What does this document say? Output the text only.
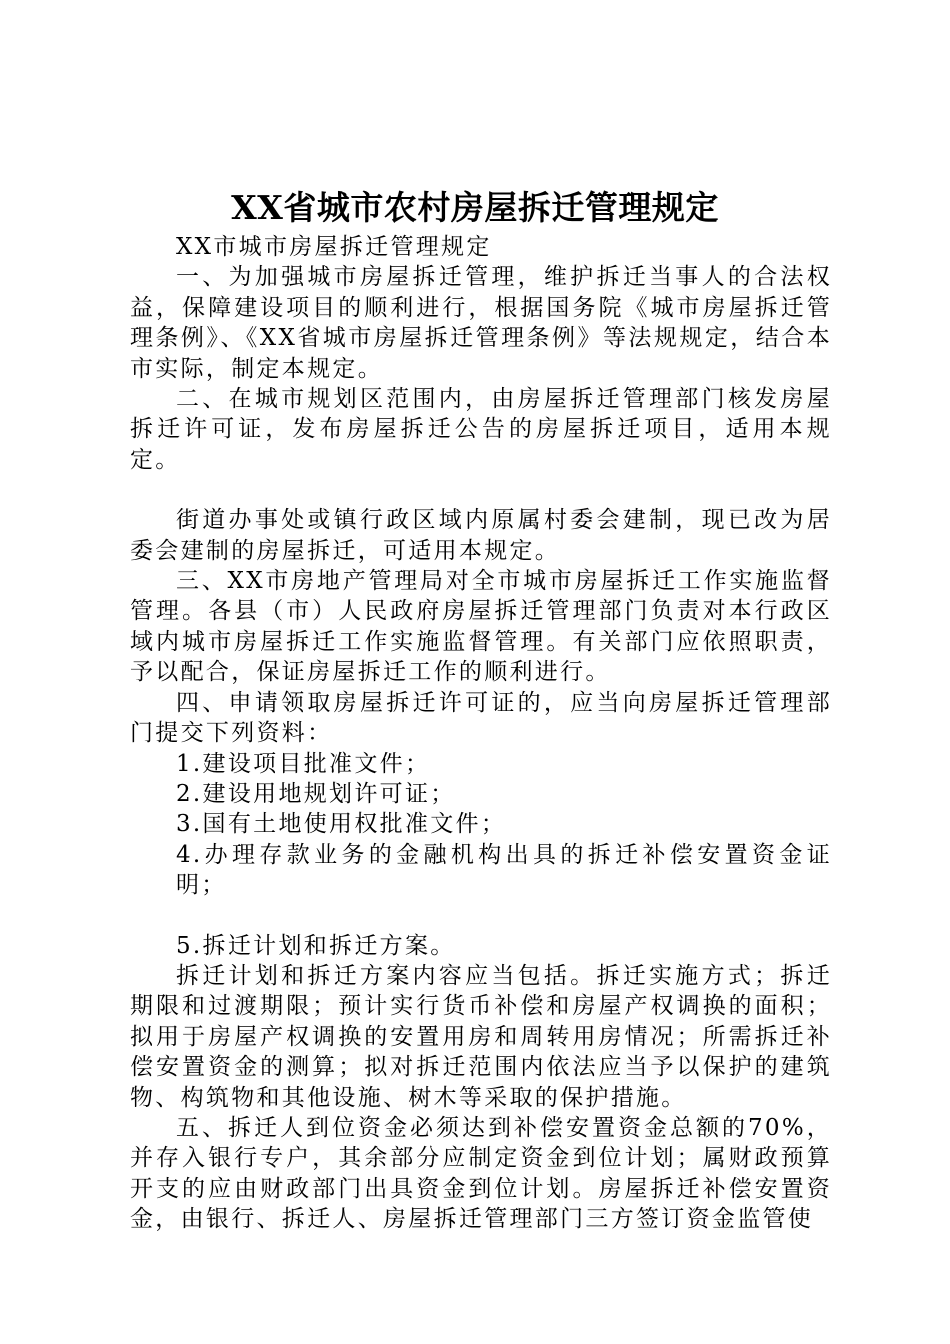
XX省城市农村房屋拆迁管理规定

XX市城市房屋拆迁管理规定

一、为加强城市房屋拆迁管理，维护拆迁当事人的合法权益，保障建设项目的顺利进行，根据国务院《城市房屋拆迁管理条例》、《XX省城市房屋拆迁管理条例》等法规规定，结合本市实际，制定本规定。

二、在城市规划区范围内，由房屋拆迁管理部门核发房屋拆迁许可证，发布房屋拆迁公告的房屋拆迁项目，适用本规定。

街道办事处或镇行政区域内原属村委会建制，现已改为居委会建制的房屋拆迁，可适用本规定。

三、XX市房地产管理局对全市城市房屋拆迁工作实施监督管理。各县（市）人民政府房屋拆迁管理部门负责对本行政区域内城市房屋拆迁工作实施监督管理。有关部门应依照职责，予以配合，保证房屋拆迁工作的顺利进行。

四、申请领取房屋拆迁许可证的，应当向房屋拆迁管理部门提交下列资料：

1.建设项目批准文件；

2.建设用地规划许可证；

3.国有土地使用权批准文件；

4.办理存款业务的金融机构出具的拆迁补偿安置资金证明；

5.拆迁计划和拆迁方案。

拆迁计划和拆迁方案内容应当包括。拆迁实施方式；拆迁期限和过渡期限；预计实行货币补偿和房屋产权调换的面积；拟用于房屋产权调换的安置用房和周转用房情况；所需拆迁补偿安置资金的测算；拟对拆迁范围内依法应当予以保护的建筑物、构筑物和其他设施、树木等采取的保护措施。

五、拆迁人到位资金必须达到补偿安置资金总额的70%，并存入银行专户，其余部分应制定资金到位计划；属财政预算开支的应由财政部门出具资金到位计划。房屋拆迁补偿安置资金，由银行、拆迁人、房屋拆迁管理部门三方签订资金监管使
